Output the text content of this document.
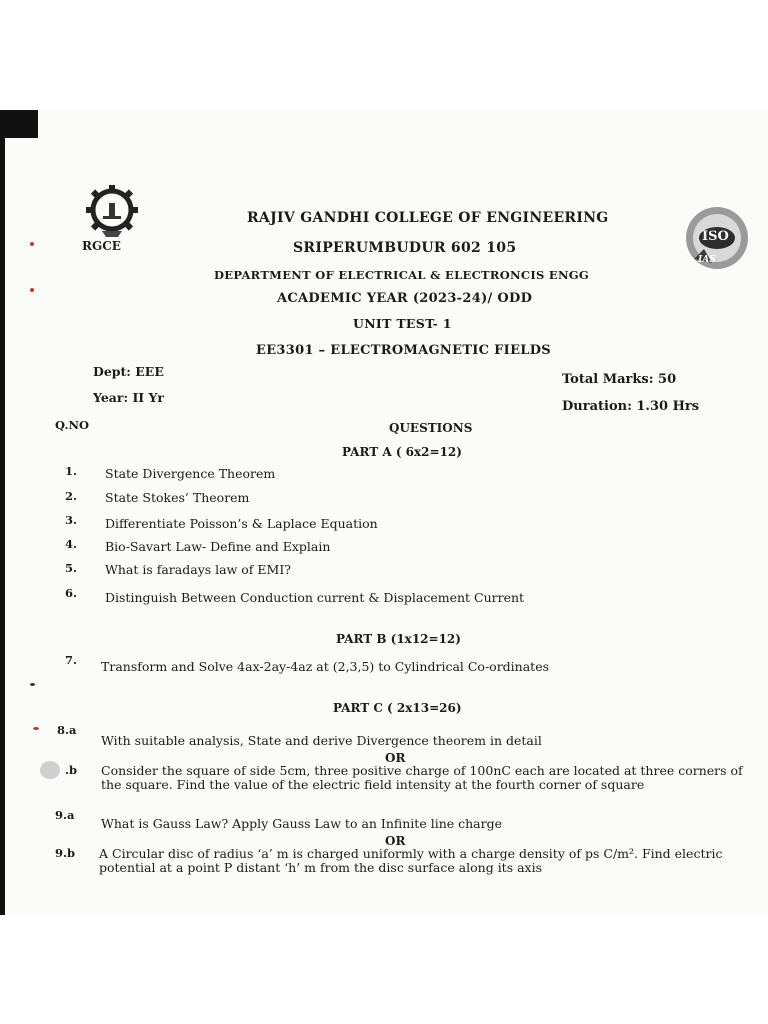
RGCE
ISO
IAS
RAJIV GANDHI COLLEGE OF ENGINEERING
SRIPERUMBUDUR 602 105
DEPARTMENT OF ELECTRICAL & ELECTRONCIS ENGG
ACADEMIC YEAR (2023-24)/ ODD
UNIT TEST- 1
EE3301 – ELECTROMAGNETIC FIELDS
Dept: EEE
Year: II Yr
Total Marks: 50
Duration: 1.30 Hrs
Q.NO	QUESTIONS
PART A ( 6x2=12)
1. State Divergence Theorem
2. State Stokes’ Theorem
3. Differentiate Poisson’s & Laplace Equation
4. Bio-Savart Law- Define and Explain
5. What is faradays law of EMI?
6. Distinguish Between Conduction current & Displacement Current
PART B (1x12=12)
7. Transform and Solve 4ax-2ay-4az at (2,3,5) to Cylindrical Co-ordinates
PART C ( 2x13=26)
8.a
With suitable analysis, State and derive Divergence theorem in detail
OR
.b Consider the square of side 5cm, three positive charge of 100nC each are located at three corners of the square. Find the value of the electric field intensity at the fourth corner of square
9.a
What is Gauss Law? Apply Gauss Law to an Infinite line charge
OR
9.b A Circular disc of radius ‘a’ m is charged uniformly with a charge density of ps C/m². Find electric potential at a point P distant ‘h’ m from the disc surface along its axis
